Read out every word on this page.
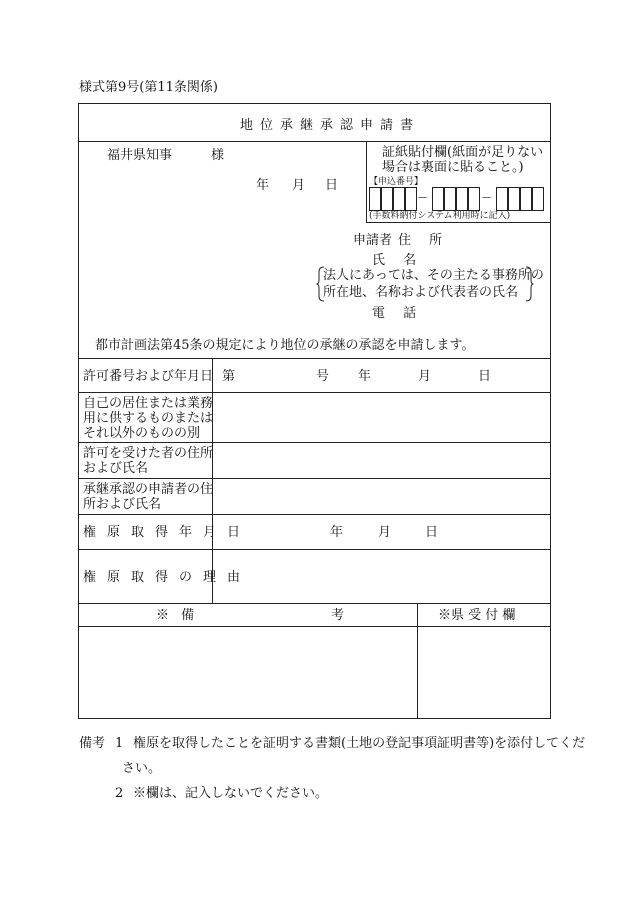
様式第9号(第11条関係)
地位承継承認申請書
福井県知事　　　様
年 月 日
証紙貼付欄(紙面が足りない
場合は裏面に貼ること。)
【申込番号】
—	—
(手数料納付システム利用時に記入)
申請者 住 所
氏 名
法人にあっては、その主たる事務所の
所在地、名称および代表者の氏名
電 話
都市計画法第45条の規定により地位の承継の承認を申請します。
許可番号および年月日 第	号 年	月	日
自己の居住または業務
用に供するものまたは
それ以外のものの別
許可を受けた者の住所
および氏名
承継承認の申請者の住
所および氏名
権原取得年月日	年	月	日
権原取得の理由
※ 備	考	※県 受 付 欄
備考 1 権原を取得したことを証明する書類(土地の登記事項証明書等)を添付してくだ
さい。
2 ※欄は、記入しないでください。
